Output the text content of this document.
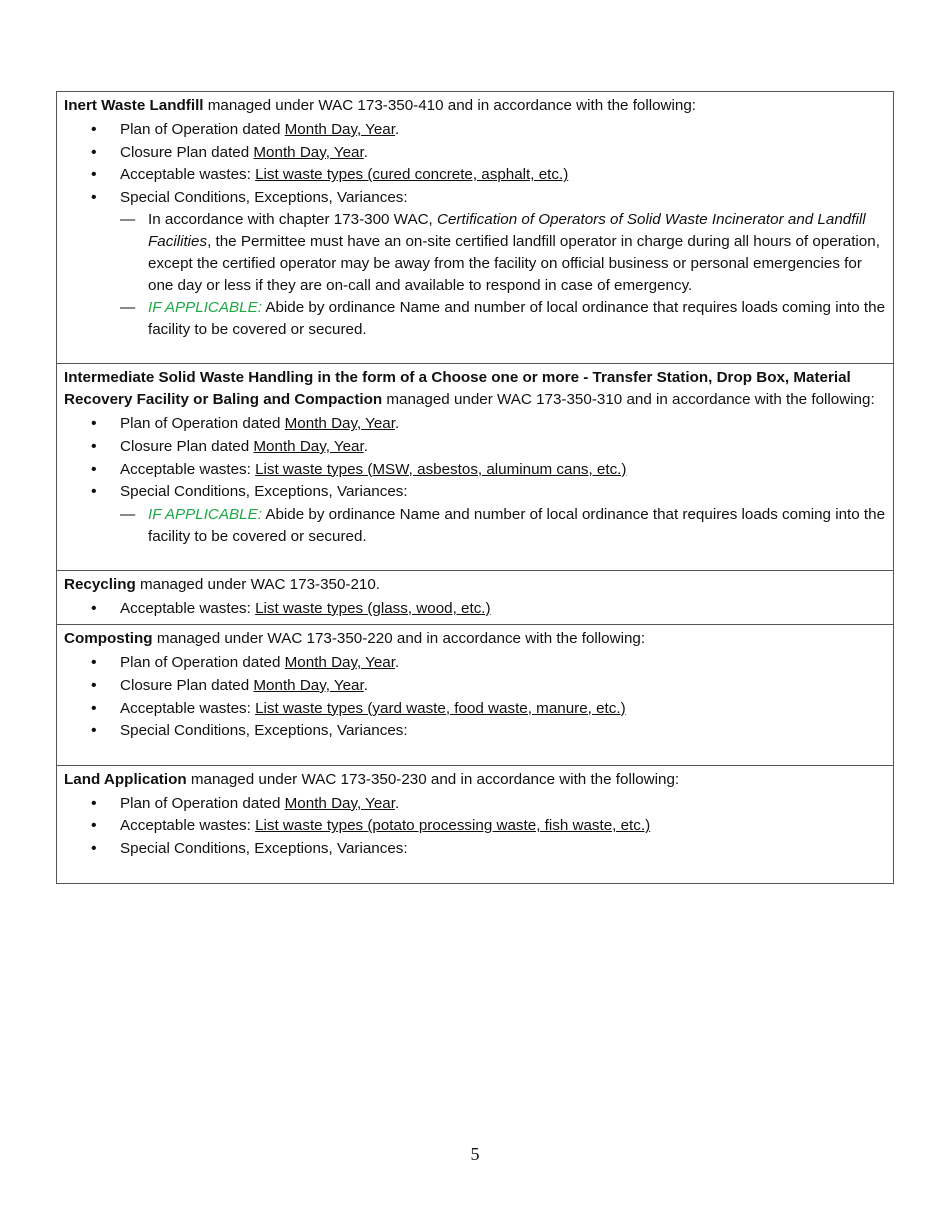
Inert Waste Landfill managed under WAC 173-350-410 and in accordance with the following:
• Plan of Operation dated Month Day, Year.
• Closure Plan dated Month Day, Year.
• Acceptable wastes: List waste types (cured concrete, asphalt, etc.)
• Special Conditions, Exceptions, Variances:
— In accordance with chapter 173-300 WAC, Certification of Operators of Solid Waste Incinerator and Landfill Facilities, the Permittee must have an on-site certified landfill operator in charge during all hours of operation, except the certified operator may be away from the facility on official business or personal emergencies for one day or less if they are on-call and available to respond in case of emergency.
— IF APPLICABLE: Abide by ordinance Name and number of local ordinance that requires loads coming into the facility to be covered or secured.

Intermediate Solid Waste Handling in the form of a Choose one or more - Transfer Station, Drop Box, Material Recovery Facility or Baling and Compaction managed under WAC 173-350-310 and in accordance with the following:
• Plan of Operation dated Month Day, Year.
• Closure Plan dated Month Day, Year.
• Acceptable wastes: List waste types (MSW, asbestos, aluminum cans, etc.)
• Special Conditions, Exceptions, Variances:
— IF APPLICABLE: Abide by ordinance Name and number of local ordinance that requires loads coming into the facility to be covered or secured.

Recycling managed under WAC 173-350-210.
• Acceptable wastes: List waste types (glass, wood, etc.)

Composting managed under WAC 173-350-220 and in accordance with the following:
• Plan of Operation dated Month Day, Year.
• Closure Plan dated Month Day, Year.
• Acceptable wastes: List waste types (yard waste, food waste, manure, etc.)
• Special Conditions, Exceptions, Variances:

Land Application managed under WAC 173-350-230 and in accordance with the following:
• Plan of Operation dated Month Day, Year.
• Acceptable wastes: List waste types (potato processing waste, fish waste, etc.)
• Special Conditions, Exceptions, Variances:
5
